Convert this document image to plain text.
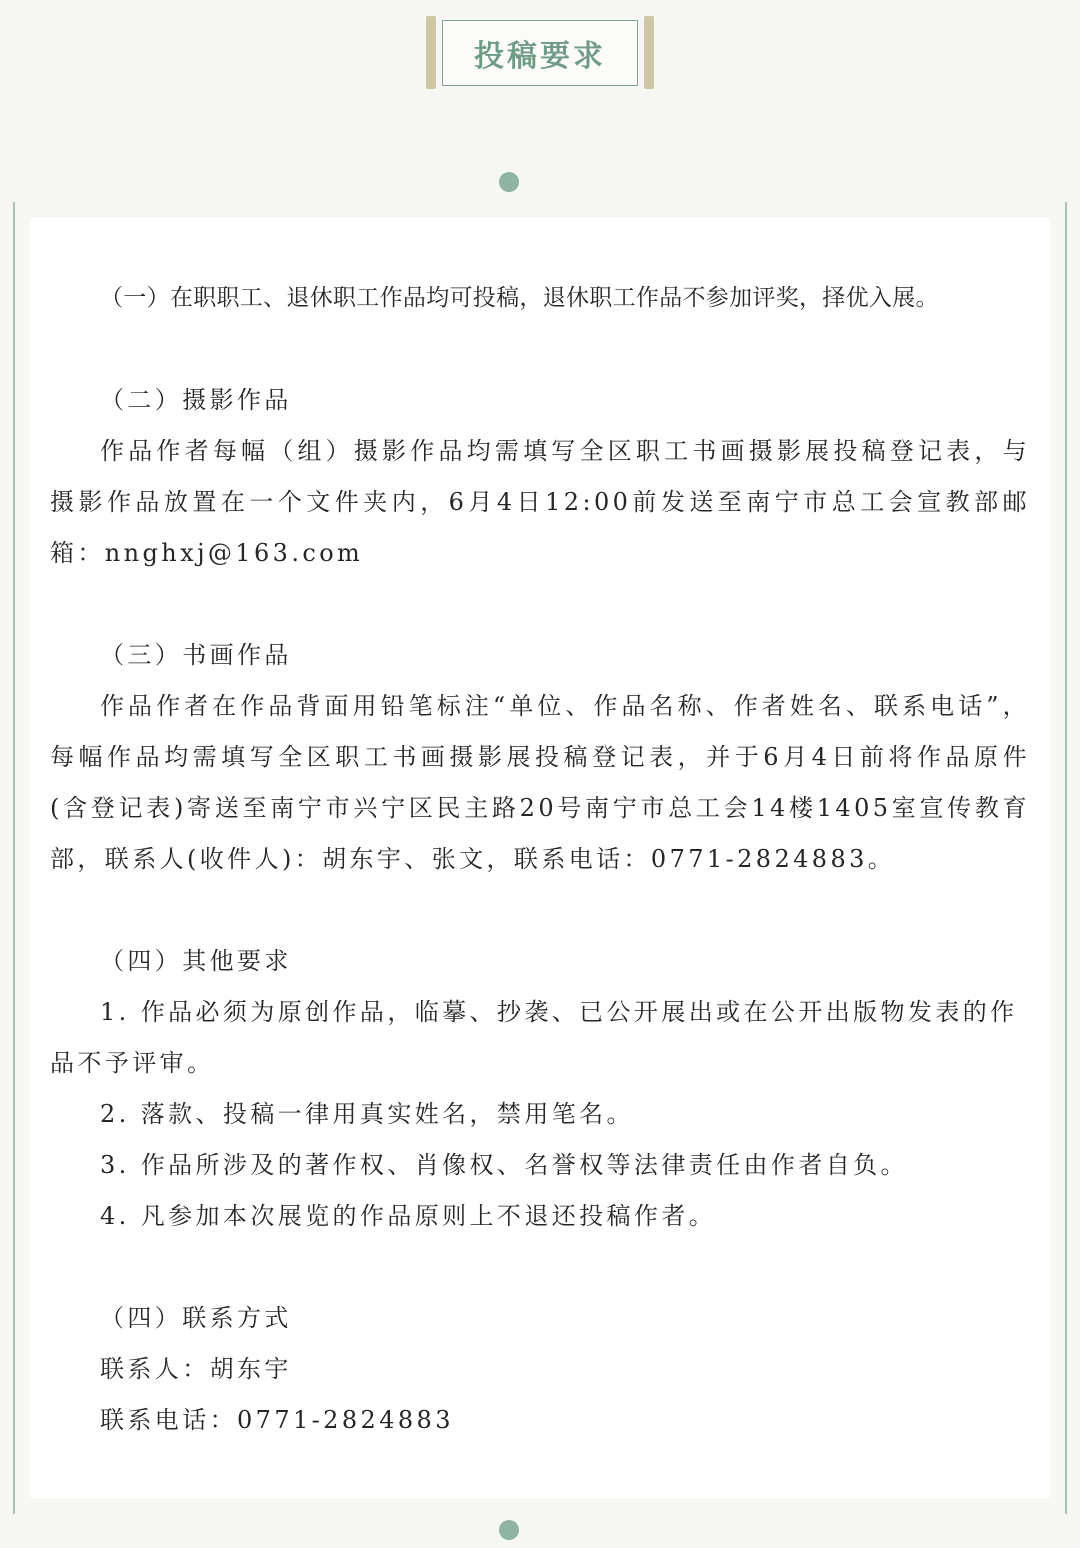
投稿要求

（一）在职职工、退休职工作品均可投稿，退休职工作品不参加评奖，择优入展。

（二）摄影作品

作品作者每幅（组）摄影作品均需填写全区职工书画摄影展投稿登记表，与摄影作品放置在一个文件夹内，6月4日12:00前发送至南宁市总工会宣教部邮箱：nnghxj@163.com

（三）书画作品

作品作者在作品背面用铅笔标注“单位、作品名称、作者姓名、联系电话”，每幅作品均需填写全区职工书画摄影展投稿登记表，并于6月4日前将作品原件(含登记表)寄送至南宁市兴宁区民主路20号南宁市总工会14楼1405室宣传教育部，联系人(收件人)：胡东宇、张文，联系电话：0771-2824883。

（四）其他要求

1. 作品必须为原创作品，临摹、抄袭、已公开展出或在公开出版物发表的作品不予评审。

2. 落款、投稿一律用真实姓名，禁用笔名。

3. 作品所涉及的著作权、肖像权、名誉权等法律责任由作者自负。

4. 凡参加本次展览的作品原则上不退还投稿作者。

（四）联系方式

联系人：胡东宇

联系电话：0771-2824883
